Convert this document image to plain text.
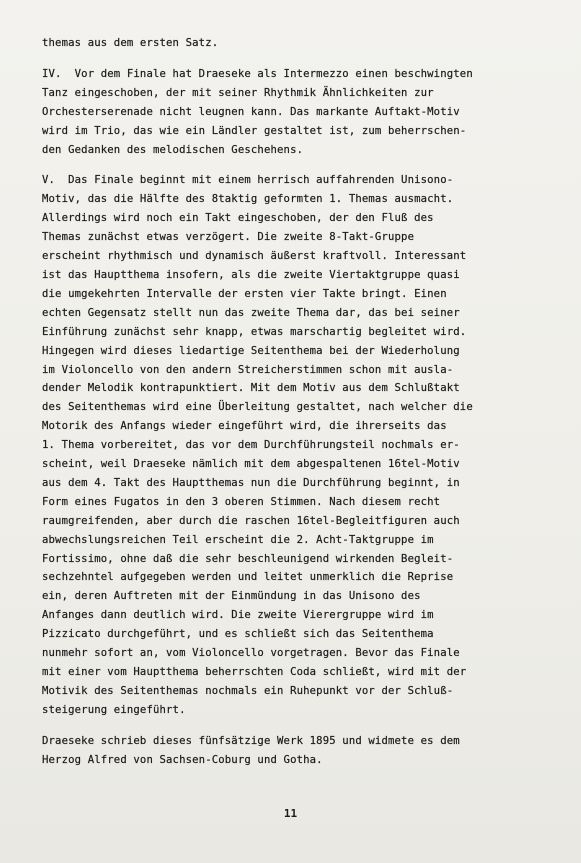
themas aus dem ersten Satz.
IV.  Vor dem Finale hat Draeseke als Intermezzo einen beschwingten
Tanz eingeschoben, der mit seiner Rhythmik Ähnlichkeiten zur
Orchesterserenade nicht leugnen kann. Das markante Auftakt-Motiv
wird im Trio, das wie ein Ländler gestaltet ist, zum beherrschen-
den Gedanken des melodischen Geschehens.
V.  Das Finale beginnt mit einem herrisch auffahrenden Unisono-
Motiv, das die Hälfte des 8taktig geformten 1. Themas ausmacht.
Allerdings wird noch ein Takt eingeschoben, der den Fluß des
Themas zunächst etwas verzögert. Die zweite 8-Takt-Gruppe
erscheint rhythmisch und dynamisch äußerst kraftvoll. Interessant
ist das Hauptthema insofern, als die zweite Viertaktgruppe quasi
die umgekehrten Intervalle der ersten vier Takte bringt. Einen
echten Gegensatz stellt nun das zweite Thema dar, das bei seiner
Einführung zunächst sehr knapp, etwas marschartig begleitet wird.
Hingegen wird dieses liedartige Seitenthema bei der Wiederholung
im Violoncello von den andern Streicherstimmen schon mit ausla-
dender Melodik kontrapunktiert. Mit dem Motiv aus dem Schlußtakt
des Seitenthemas wird eine Überleitung gestaltet, nach welcher die
Motorik des Anfangs wieder eingeführt wird, die ihrerseits das
1. Thema vorbereitet, das vor dem Durchführungsteil nochmals er-
scheint, weil Draeseke nämlich mit dem abgespaltenen 16tel-Motiv
aus dem 4. Takt des Hauptthemas nun die Durchführung beginnt, in
Form eines Fugatos in den 3 oberen Stimmen. Nach diesem recht
raumgreifenden, aber durch die raschen 16tel-Begleitfiguren auch
abwechslungsreichen Teil erscheint die 2. Acht-Taktgruppe im
Fortissimo, ohne daß die sehr beschleunigend wirkenden Begleit-
sechzehntel aufgegeben werden und leitet unmerklich die Reprise
ein, deren Auftreten mit der Einmündung in das Unisono des
Anfanges dann deutlich wird. Die zweite Vierergruppe wird im
Pizzicato durchgeführt, und es schließt sich das Seitenthema
nunmehr sofort an, vom Violoncello vorgetragen. Bevor das Finale
mit einer vom Hauptthema beherrschten Coda schließt, wird mit der
Motivik des Seitenthemas nochmals ein Ruhepunkt vor der Schluß-
steigerung eingeführt.
Draeseke schrieb dieses fünfsätzige Werk 1895 und widmete es dem
Herzog Alfred von Sachsen-Coburg und Gotha.
11
